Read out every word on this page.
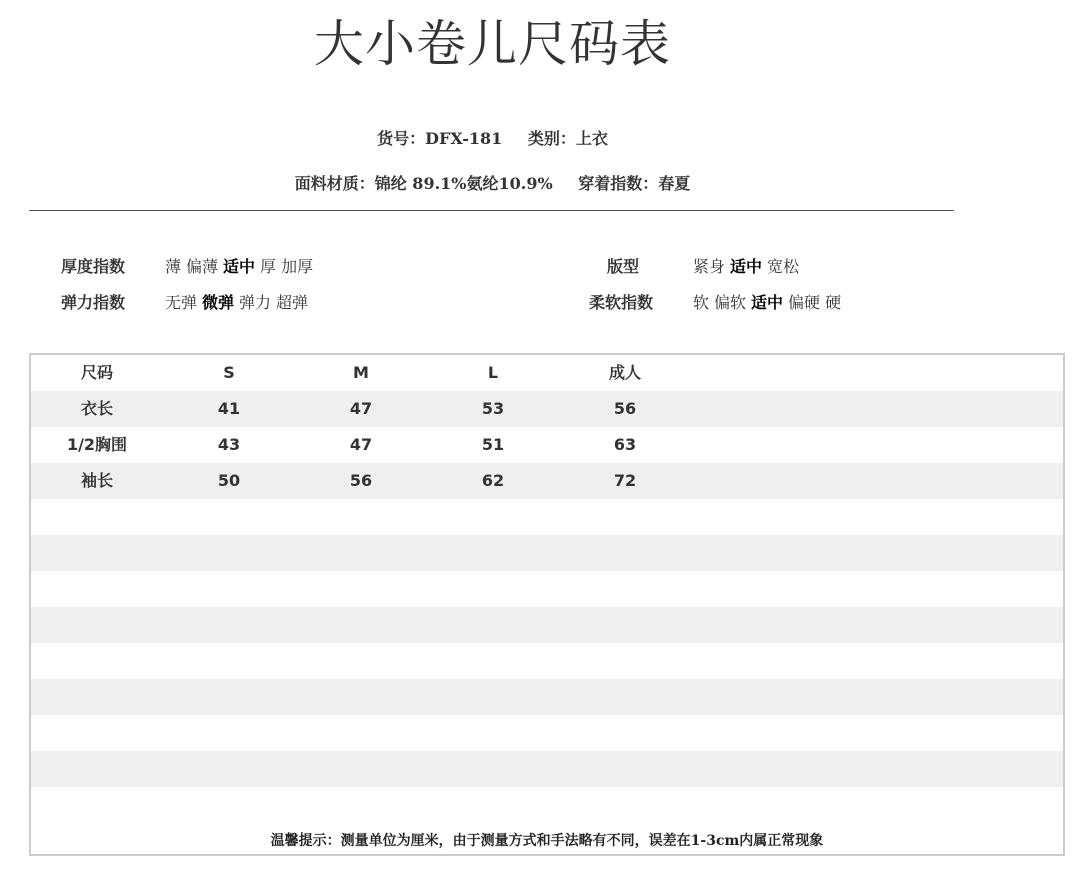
大小卷儿尺码表
货号：DFX-181 类别：上衣
面料材质：锦纶 89.1%氨纶10.9% 穿着指数：春夏
厚度指数 薄 偏薄 适中 厚 加厚
弹力指数 无弹 微弹 弹力 超弹
版型	紧身 适中 宽松
柔软指数 软 偏软 适中 偏硬 硬
尺码	S	M	L	成人
衣长	41	47	53	56
1/2胸围	43	47	51	63
袖长	50	56	62	72
温馨提示：测量单位为厘米，由于测量方式和手法略有不同，误差在1-3cm内属正常现象
